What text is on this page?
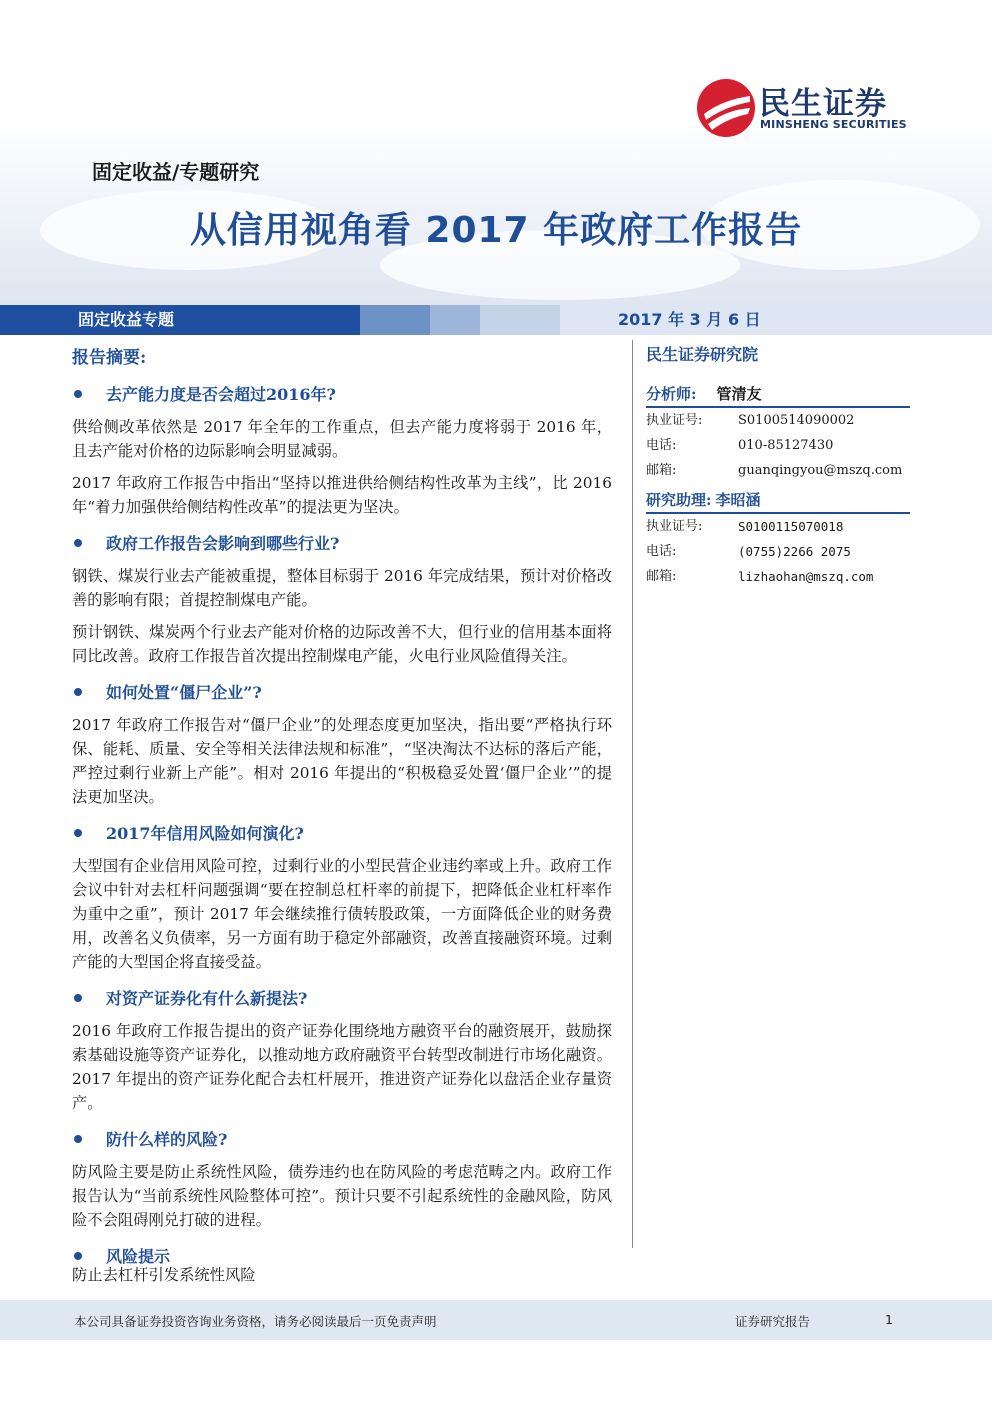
民生证券
MINSHENG SECURITIES
固定收益/专题研究
从信用视角看 2017 年政府工作报告
固定收益专题	2017 年 3 月 6 日
报告摘要:
去产能力度是否会超过2016年?

供给侧改革依然是 2017 年全年的工作重点，但去产能力度将弱于 2016 年，且去产能对价格的边际影响会明显减弱。

2017 年政府工作报告中指出“坚持以推进供给侧结构性改革为主线”，比 2016 年“着力加强供给侧结构性改革”的提法更为坚决。

政府工作报告会影响到哪些行业?

钢铁、煤炭行业去产能被重提，整体目标弱于 2016 年完成结果，预计对价格改善的影响有限；首提控制煤电产能。

预计钢铁、煤炭两个行业去产能对价格的边际改善不大，但行业的信用基本面将同比改善。政府工作报告首次提出控制煤电产能，火电行业风险值得关注。

如何处置“僵尸企业”?

2017 年政府工作报告对“僵尸企业”的处理态度更加坚决，指出要“严格执行环保、能耗、质量、安全等相关法律法规和标准”，“坚决淘汰不达标的落后产能，严控过剩行业新上产能”。相对 2016 年提出的“积极稳妥处置‘僵尸企业’”的提法更加坚决。

2017年信用风险如何演化?

大型国有企业信用风险可控，过剩行业的小型民营企业违约率或上升。政府工作会议中针对去杠杆问题强调“要在控制总杠杆率的前提下，把降低企业杠杆率作为重中之重”，预计 2017 年会继续推行债转股政策，一方面降低企业的财务费用，改善名义负债率，另一方面有助于稳定外部融资，改善直接融资环境。过剩产能的大型国企将直接受益。

对资产证券化有什么新提法?

2016 年政府工作报告提出的资产证券化围绕地方融资平台的融资展开，鼓励探索基础设施等资产证券化，以推动地方政府融资平台转型改制进行市场化融资。2017 年提出的资产证券化配合去杠杆展开，推进资产证券化以盘活企业存量资产。

防什么样的风险?

防风险主要是防止系统性风险，债券违约也在防风险的考虑范畴之内。政府工作报告认为“当前系统性风险整体可控”。预计只要不引起系统性的金融风险，防风险不会阻碍刚兑打破的进程。

风险提示
防止去杠杆引发系统性风险
民生证券研究院
分析师: 管清友
执业证号:	S0100514090002
电话:	010-85127430
邮箱:	guanqingyou@mszq.com
研究助理: 李昭涵
执业证号:	S0100115070018
电话:	(0755)2266 2075
邮箱:	lizhaohan@mszq.com
本公司具备证券投资咨询业务资格，请务必阅读最后一页免责声明	证券研究报告	1
